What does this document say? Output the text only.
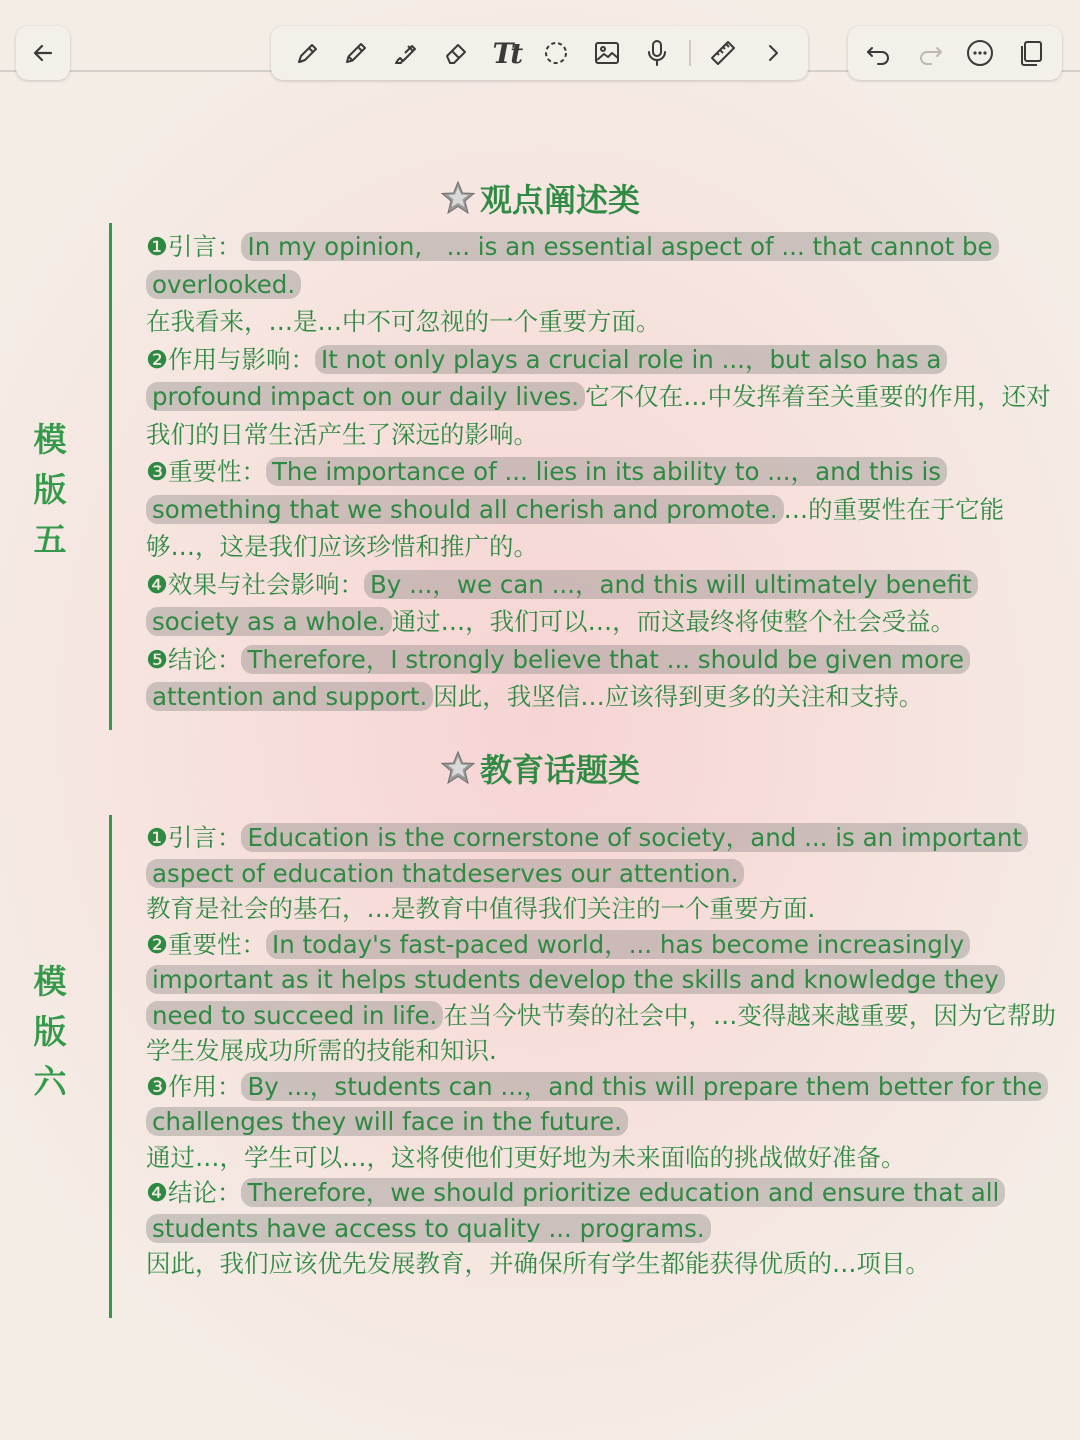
Tt
观点阐述类
模
版
五

❶引言： In my opinion,　... is an essential aspect of ... that cannot be overlooked.
在我看来，…是…中不可忽视的一个重要方面。

❷作用与影响： It not only plays a crucial role in ...，but also has a profound impact on our daily lives. 它不仅在…中发挥着至关重要的作用，还对我们的日常生活产生了深远的影响。

❸重要性： The importance of ... lies in its ability to ...，and this is something that we should all cherish and promote. …的重要性在于它能够…，这是我们应该珍惜和推广的。

❹效果与社会影响： By ...，we can ...，and this will ultimately benefit society as a whole. 通过…，我们可以…，而这最终将使整个社会受益。

❺结论： Therefore，I strongly believe that ... should be given more attention and support. 因此，我坚信…应该得到更多的关注和支持。

教育话题类
模
版
六

❶引言： Education is the cornerstone of society，and ... is an important aspect of education thatdeserves our attention.
教育是社会的基石，…是教育中值得我们关注的一个重要方面.

❷重要性： In today's fast-paced world，... has become increasingly important as it helps students develop the skills and knowledge they need to succeed in life. 在当今快节奏的社会中，…变得越来越重要，因为它帮助学生发展成功所需的技能和知识.

❸作用： By ...，students can ...，and this will prepare them better for the challenges they will face in the future.
通过…，学生可以…，这将使他们更好地为未来面临的挑战做好准备。

❹结论： Therefore，we should prioritize education and ensure that all students have access to quality ... programs.
因此，我们应该优先发展教育，并确保所有学生都能获得优质的…项目。
